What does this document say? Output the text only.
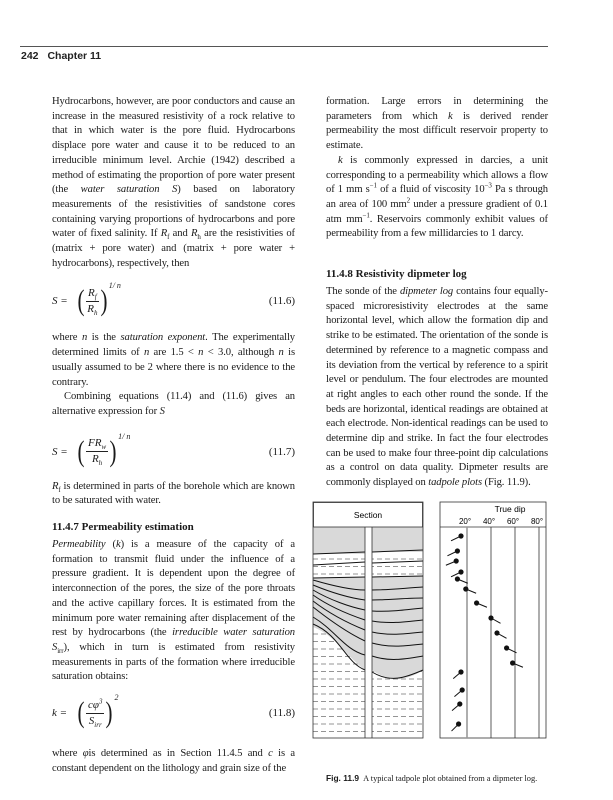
242 Chapter 11

Hydrocarbons, however, are poor conductors and cause an increase in the measured resistivity of a rock relative to that in which water is the pore fluid. Hydrocarbons displace pore water and cause it to be reduced to an irreducible minimum level. Archie (1942) described a method of estimating the proportion of pore water present (the water saturation S) based on laboratory measurements of the resistivities of sandstone cores containing varying proportions of hydrocarbons and pore water of fixed salinity. If $R_f$ and $R_h$ are the resistivities of (matrix + pore water) and (matrix + pore water + hydrocarbons), respectively, then

S = ( $R_f$
$R_h$ ) 1/ n
(11.6)

where n is the saturation exponent. The experimentally determined limits of n are 1.5 < n < 3.0, although n is usually assumed to be 2 where there is no evidence to the contrary.

Combining equations (11.4) and (11.6) gives an alternative expression for S

S = ( $FR_w$
$R_h$ ) 1/ n
(11.7)

$R_f$ is determined in parts of the borehole which are known to be saturated with water.

11.4.7 Permeability estimation

Permeability (k) is a measure of the capacity of a formation to transmit fluid under the influence of a pressure gradient. It is dependent upon the degree of interconnection of the pores, the size of the pore throats and the active capillary forces. It is estimated from the minimum pore water remaining after displacement of the rest by hydrocarbons (the irreducible water saturation $S_{irr}$), which in turn is estimated from resistivity measurements in parts of the formation where irreducible saturation obtains:

k = ( $c\varphi^3$
$S_{irr}$ ) 2
(11.8)

where φis determined as in Section 11.4.5 and c is a constant dependent on the lithology and grain size of the

formation. Large errors in determining the parameters from which k is derived render permeability the most difficult reservoir property to estimate.

k is commonly expressed in darcies, a unit corresponding to a permeability which allows a flow of 1 mm $s^{-1}$ of a fluid of viscosity $10^{-3}$ Pa s through an area of 100 $mm^2$ under a pressure gradient of 0.1 atm $mm^{-1}$. Reservoirs commonly exhibit values of permeability from a few millidarcies to 1 darcy.

11.4.8 Resistivity dipmeter log

The sonde of the dipmeter log contains four equally-spaced microresistivity electrodes at the same horizontal level, which allow the formation dip and strike to be estimated. The orientation of the sonde is determined by reference to a magnetic compass and its deviation from the vertical by reference to a spirit level or pendulum. The four electrodes are mounted at right angles to each other round the sonde. If the beds are horizontal, identical readings are obtained at each electrode. Non-identical readings can be used to determine dip and strike. In fact the four electrodes can be used to make four three-point dip calculations as a control on data quality. Dipmeter results are commonly displayed on tadpole plots (Fig. 11.9).

Section
True dip
20° 40° 60° 80°
Fig. 11.9 A typical tadpole plot obtained from a dipmeter log.
